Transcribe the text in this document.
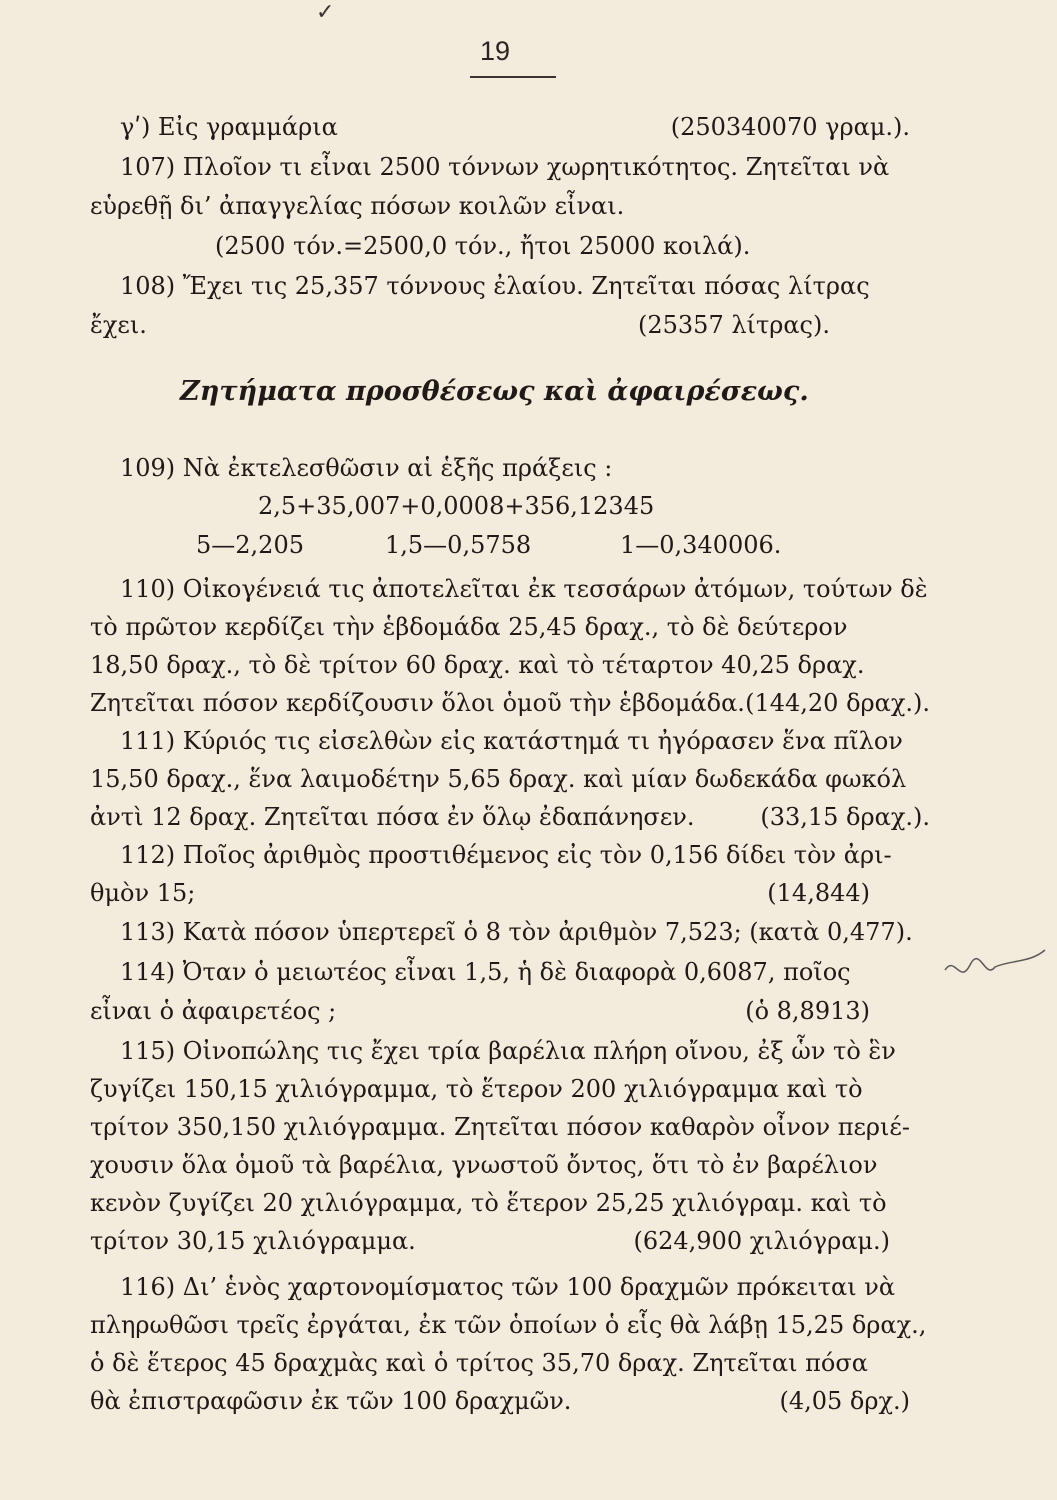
✓
19
γʹ) Εἰς γραμμάρια	(250340070 γραμ.).
107) Πλοῖον τι εἶναι 2500 τόννων χωρητικότητος. Ζητεῖται νὰ
εὑρεθῇ δι’ ἀπαγγελίας πόσων κοιλῶν εἶναι.
(2500 τόν.=2500,0 τόν., ἤτοι 25000 κοιλά).
108) Ἔχει τις 25,357 τόννους ἐλαίου. Ζητεῖται πόσας λίτρας
ἔχει.	(25357 λίτρας).
Ζητήματα προσθέσεως καὶ ἀφαιρέσεως.
109) Νὰ ἐκτελεσθῶσιν αἱ ἑξῆς πράξεις :
2,5+35,007+0,0008+356,12345
5—2,205	1,5—0,5758	1—0,340006.
110) Οἰκογένειά τις ἀποτελεῖται ἐκ τεσσάρων ἀτόμων, τούτων δὲ
τὸ πρῶτον κερδίζει τὴν ἑβδομάδα 25,45 δραχ., τὸ δὲ δεύτερον
18,50 δραχ., τὸ δὲ τρίτον 60 δραχ. καὶ τὸ τέταρτον 40,25 δραχ.
Ζητεῖται πόσον κερδίζουσιν ὅλοι ὁμοῦ τὴν ἑβδομάδα. (144,20 δραχ.).
111) Κύριός τις εἰσελθὼν εἰς κατάστημά τι ἠγόρασεν ἕνα πῖλον
15,50 δραχ., ἕνα λαιμοδέτην 5,65 δραχ. καὶ μίαν δωδεκάδα φωκόλ
ἀντὶ 12 δραχ. Ζητεῖται πόσα ἐν ὅλῳ ἐδαπάνησεν.	(33,15 δραχ.).
112) Ποῖος ἀριθμὸς προστιθέμενος εἰς τὸν 0,156 δίδει τὸν ἀρι-
θμὸν 15;	(14,844)
113) Κατὰ πόσον ὑπερτερεῖ ὁ 8 τὸν ἀριθμὸν 7,523; (κατὰ 0,477).
114) Ὀταν ὁ μειωτέος εἶναι 1,5, ἡ δὲ διαφορὰ 0,6087, ποῖος
εἶναι ὁ ἀφαιρετέος ;	(ὁ 8,8913)
115) Οἰνοπώλης τις ἔχει τρία βαρέλια πλήρη οἴνου, ἐξ ὧν τὸ ἓν
ζυγίζει 150,15 χιλιόγραμμα, τὸ ἕτερον 200 χιλιόγραμμα καὶ τὸ
τρίτον 350,150 χιλιόγραμμα. Ζητεῖται πόσον καθαρὸν οἶνον περιέ-
χουσιν ὅλα ὁμοῦ τὰ βαρέλια, γνωστοῦ ὄντος, ὅτι τὸ ἐν βαρέλιον
κενὸν ζυγίζει 20 χιλιόγραμμα, τὸ ἕτερον 25,25 χιλιόγραμ. καὶ τὸ
τρίτον 30,15 χιλιόγραμμα.	(624,900 χιλιόγραμ.)
116) Δι’ ἑνὸς χαρτονομίσματος τῶν 100 δραχμῶν πρόκειται νὰ
πληρωθῶσι τρεῖς ἐργάται, ἐκ τῶν ὁποίων ὁ εἷς θὰ λάβῃ 15,25 δραχ.,
ὁ δὲ ἕτερος 45 δραχμὰς καὶ ὁ τρίτος 35,70 δραχ. Ζητεῖται πόσα
θὰ ἐπιστραφῶσιν ἐκ τῶν 100 δραχμῶν.	(4,05 δρχ.)
